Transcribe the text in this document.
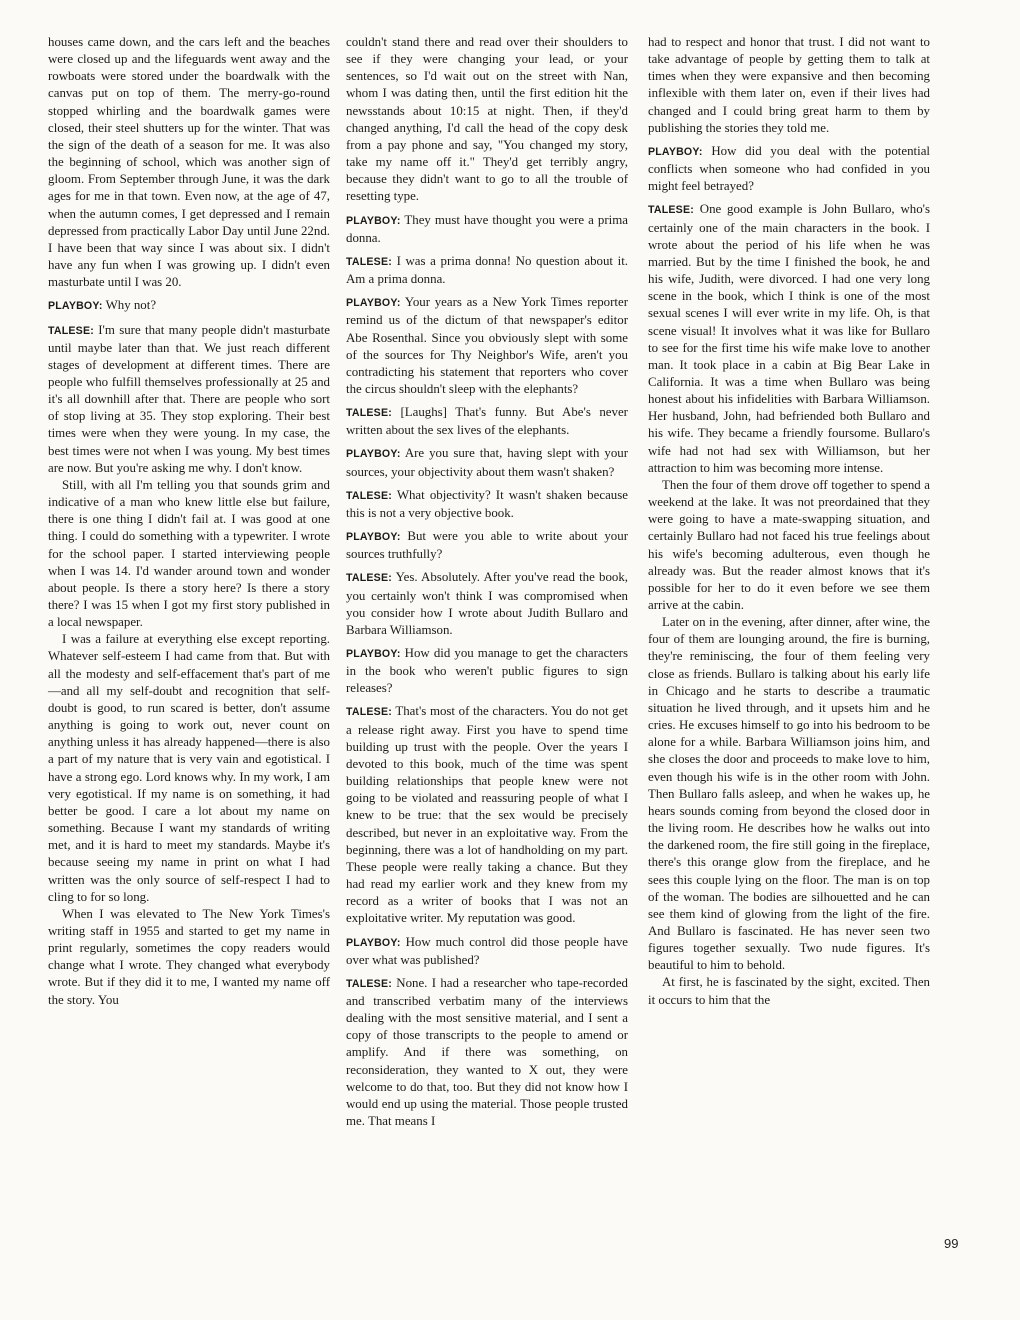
houses came down, and the cars left and the beaches were closed up and the lifeguards went away and the rowboats were stored under the boardwalk with the canvas put on top of them. The merry-go-round stopped whirling and the boardwalk games were closed, their steel shutters up for the winter. That was the sign of the death of a season for me. It was also the beginning of school, which was another sign of gloom. From September through June, it was the dark ages for me in that town. Even now, at the age of 47, when the autumn comes, I get depressed and I remain depressed from practically Labor Day until June 22nd. I have been that way since I was about six. I didn't have any fun when I was growing up. I didn't even masturbate until I was 20.

PLAYBOY: Why not?

TALESE: I'm sure that many people didn't masturbate until maybe later than that. We just reach different stages of development at different times. There are people who fulfill themselves professionally at 25 and it's all downhill after that. There are people who sort of stop living at 35. They stop exploring. Their best times were when they were young. In my case, the best times were not when I was young. My best times are now. But you're asking me why. I don't know.

Still, with all I'm telling you that sounds grim and indicative of a man who knew little else but failure, there is one thing I didn't fail at. I was good at one thing. I could do something with a typewriter. I wrote for the school paper. I started interviewing people when I was 14. I'd wander around town and wonder about people. Is there a story here? Is there a story there? I was 15 when I got my first story published in a local newspaper.

I was a failure at everything else except reporting. Whatever self-esteem I had came from that. But with all the modesty and self-effacement that's part of me—and all my self-doubt and recognition that self-doubt is good, to run scared is better, don't assume anything is going to work out, never count on anything unless it has already happened—there is also a part of my nature that is very vain and egotistical. I have a strong ego. Lord knows why. In my work, I am very egotistical. If my name is on something, it had better be good. I care a lot about my name on something. Because I want my standards of writing met, and it is hard to meet my standards. Maybe it's because seeing my name in print on what I had written was the only source of self-respect I had to cling to for so long.

When I was elevated to The New York Times's writing staff in 1955 and started to get my name in print regularly, sometimes the copy readers would change what I wrote. They changed what everybody wrote. But if they did it to me, I wanted my name off the story. You

couldn't stand there and read over their shoulders to see if they were changing your lead, or your sentences, so I'd wait out on the street with Nan, whom I was dating then, until the first edition hit the newsstands about 10:15 at night. Then, if they'd changed anything, I'd call the head of the copy desk from a pay phone and say, "You changed my story, take my name off it." They'd get terribly angry, because they didn't want to go to all the trouble of resetting type.

PLAYBOY: They must have thought you were a prima donna.

TALESE: I was a prima donna! No question about it. Am a prima donna.

PLAYBOY: Your years as a New York Times reporter remind us of the dictum of that newspaper's editor Abe Rosenthal. Since you obviously slept with some of the sources for Thy Neighbor's Wife, aren't you contradicting his statement that reporters who cover the circus shouldn't sleep with the elephants?

TALESE: [Laughs] That's funny. But Abe's never written about the sex lives of the elephants.

PLAYBOY: Are you sure that, having slept with your sources, your objectivity about them wasn't shaken?

TALESE: What objectivity? It wasn't shaken because this is not a very objective book.

PLAYBOY: But were you able to write about your sources truthfully?

TALESE: Yes. Absolutely. After you've read the book, you certainly won't think I was compromised when you consider how I wrote about Judith Bullaro and Barbara Williamson.

PLAYBOY: How did you manage to get the characters in the book who weren't public figures to sign releases?

TALESE: That's most of the characters. You do not get a release right away. First you have to spend time building up trust with the people. Over the years I devoted to this book, much of the time was spent building relationships that people knew were not going to be violated and reassuring people of what I knew to be true: that the sex would be precisely described, but never in an exploitative way. From the beginning, there was a lot of handholding on my part. These people were really taking a chance. But they had read my earlier work and they knew from my record as a writer of books that I was not an exploitative writer. My reputation was good.

PLAYBOY: How much control did those people have over what was published?

TALESE: None. I had a researcher who tape-recorded and transcribed verbatim many of the interviews dealing with the most sensitive material, and I sent a copy of those transcripts to the people to amend or amplify. And if there was something, on reconsideration, they wanted to X out, they were welcome to do that, too. But they did not know how I would end up using the material. Those people trusted me. That means I

had to respect and honor that trust. I did not want to take advantage of people by getting them to talk at times when they were expansive and then becoming inflexible with them later on, even if their lives had changed and I could bring great harm to them by publishing the stories they told me.

PLAYBOY: How did you deal with the potential conflicts when someone who had confided in you might feel betrayed?

TALESE: One good example is John Bullaro, who's certainly one of the main characters in the book. I wrote about the period of his life when he was married. But by the time I finished the book, he and his wife, Judith, were divorced. I had one very long scene in the book, which I think is one of the most sexual scenes I will ever write in my life. Oh, is that scene visual! It involves what it was like for Bullaro to see for the first time his wife make love to another man. It took place in a cabin at Big Bear Lake in California. It was a time when Bullaro was being honest about his infidelities with Barbara Williamson. Her husband, John, had befriended both Bullaro and his wife. They became a friendly foursome. Bullaro's wife had not had sex with Williamson, but her attraction to him was becoming more intense.

Then the four of them drove off together to spend a weekend at the lake. It was not preordained that they were going to have a mate-swapping situation, and certainly Bullaro had not faced his true feelings about his wife's becoming adulterous, even though he already was. But the reader almost knows that it's possible for her to do it even before we see them arrive at the cabin.

Later on in the evening, after dinner, after wine, the four of them are lounging around, the fire is burning, they're reminiscing, the four of them feeling very close as friends. Bullaro is talking about his early life in Chicago and he starts to describe a traumatic situation he lived through, and it upsets him and he cries. He excuses himself to go into his bedroom to be alone for a while. Barbara Williamson joins him, and she closes the door and proceeds to make love to him, even though his wife is in the other room with John. Then Bullaro falls asleep, and when he wakes up, he hears sounds coming from beyond the closed door in the living room. He describes how he walks out into the darkened room, the fire still going in the fireplace, there's this orange glow from the fireplace, and he sees this couple lying on the floor. The man is on top of the woman. The bodies are silhouetted and he can see them kind of glowing from the light of the fire. And Bullaro is fascinated. He has never seen two figures together sexually. Two nude figures. It's beautiful to him to behold.

At first, he is fascinated by the sight, excited. Then it occurs to him that the

99
